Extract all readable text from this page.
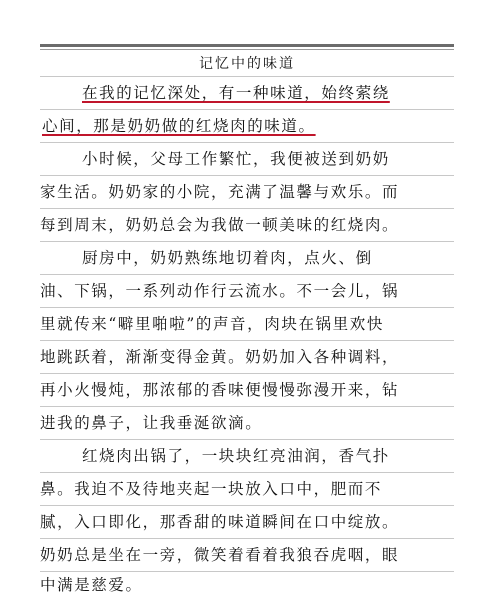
记忆中的味道
在我的记忆深处，有一种味道，始终萦绕
心间，那是奶奶做的红烧肉的味道。
小时候，父母工作繁忙，我便被送到奶奶
家生活。奶奶家的小院，充满了温馨与欢乐。而
每到周末，奶奶总会为我做一顿美味的红烧肉。
厨房中，奶奶熟练地切着肉，点火、倒
油、下锅，一系列动作行云流水。不一会儿，锅
里就传来“噼里啪啦”的声音，肉块在锅里欢快
地跳跃着，渐渐变得金黄。奶奶加入各种调料，
再小火慢炖，那浓郁的香味便慢慢弥漫开来，钻
进我的鼻子，让我垂涎欲滴。
红烧肉出锅了，一块块红亮油润，香气扑
鼻。我迫不及待地夹起一块放入口中，肥而不
腻，入口即化，那香甜的味道瞬间在口中绽放。
奶奶总是坐在一旁，微笑着看着我狼吞虎咽，眼
中满是慈爱。
